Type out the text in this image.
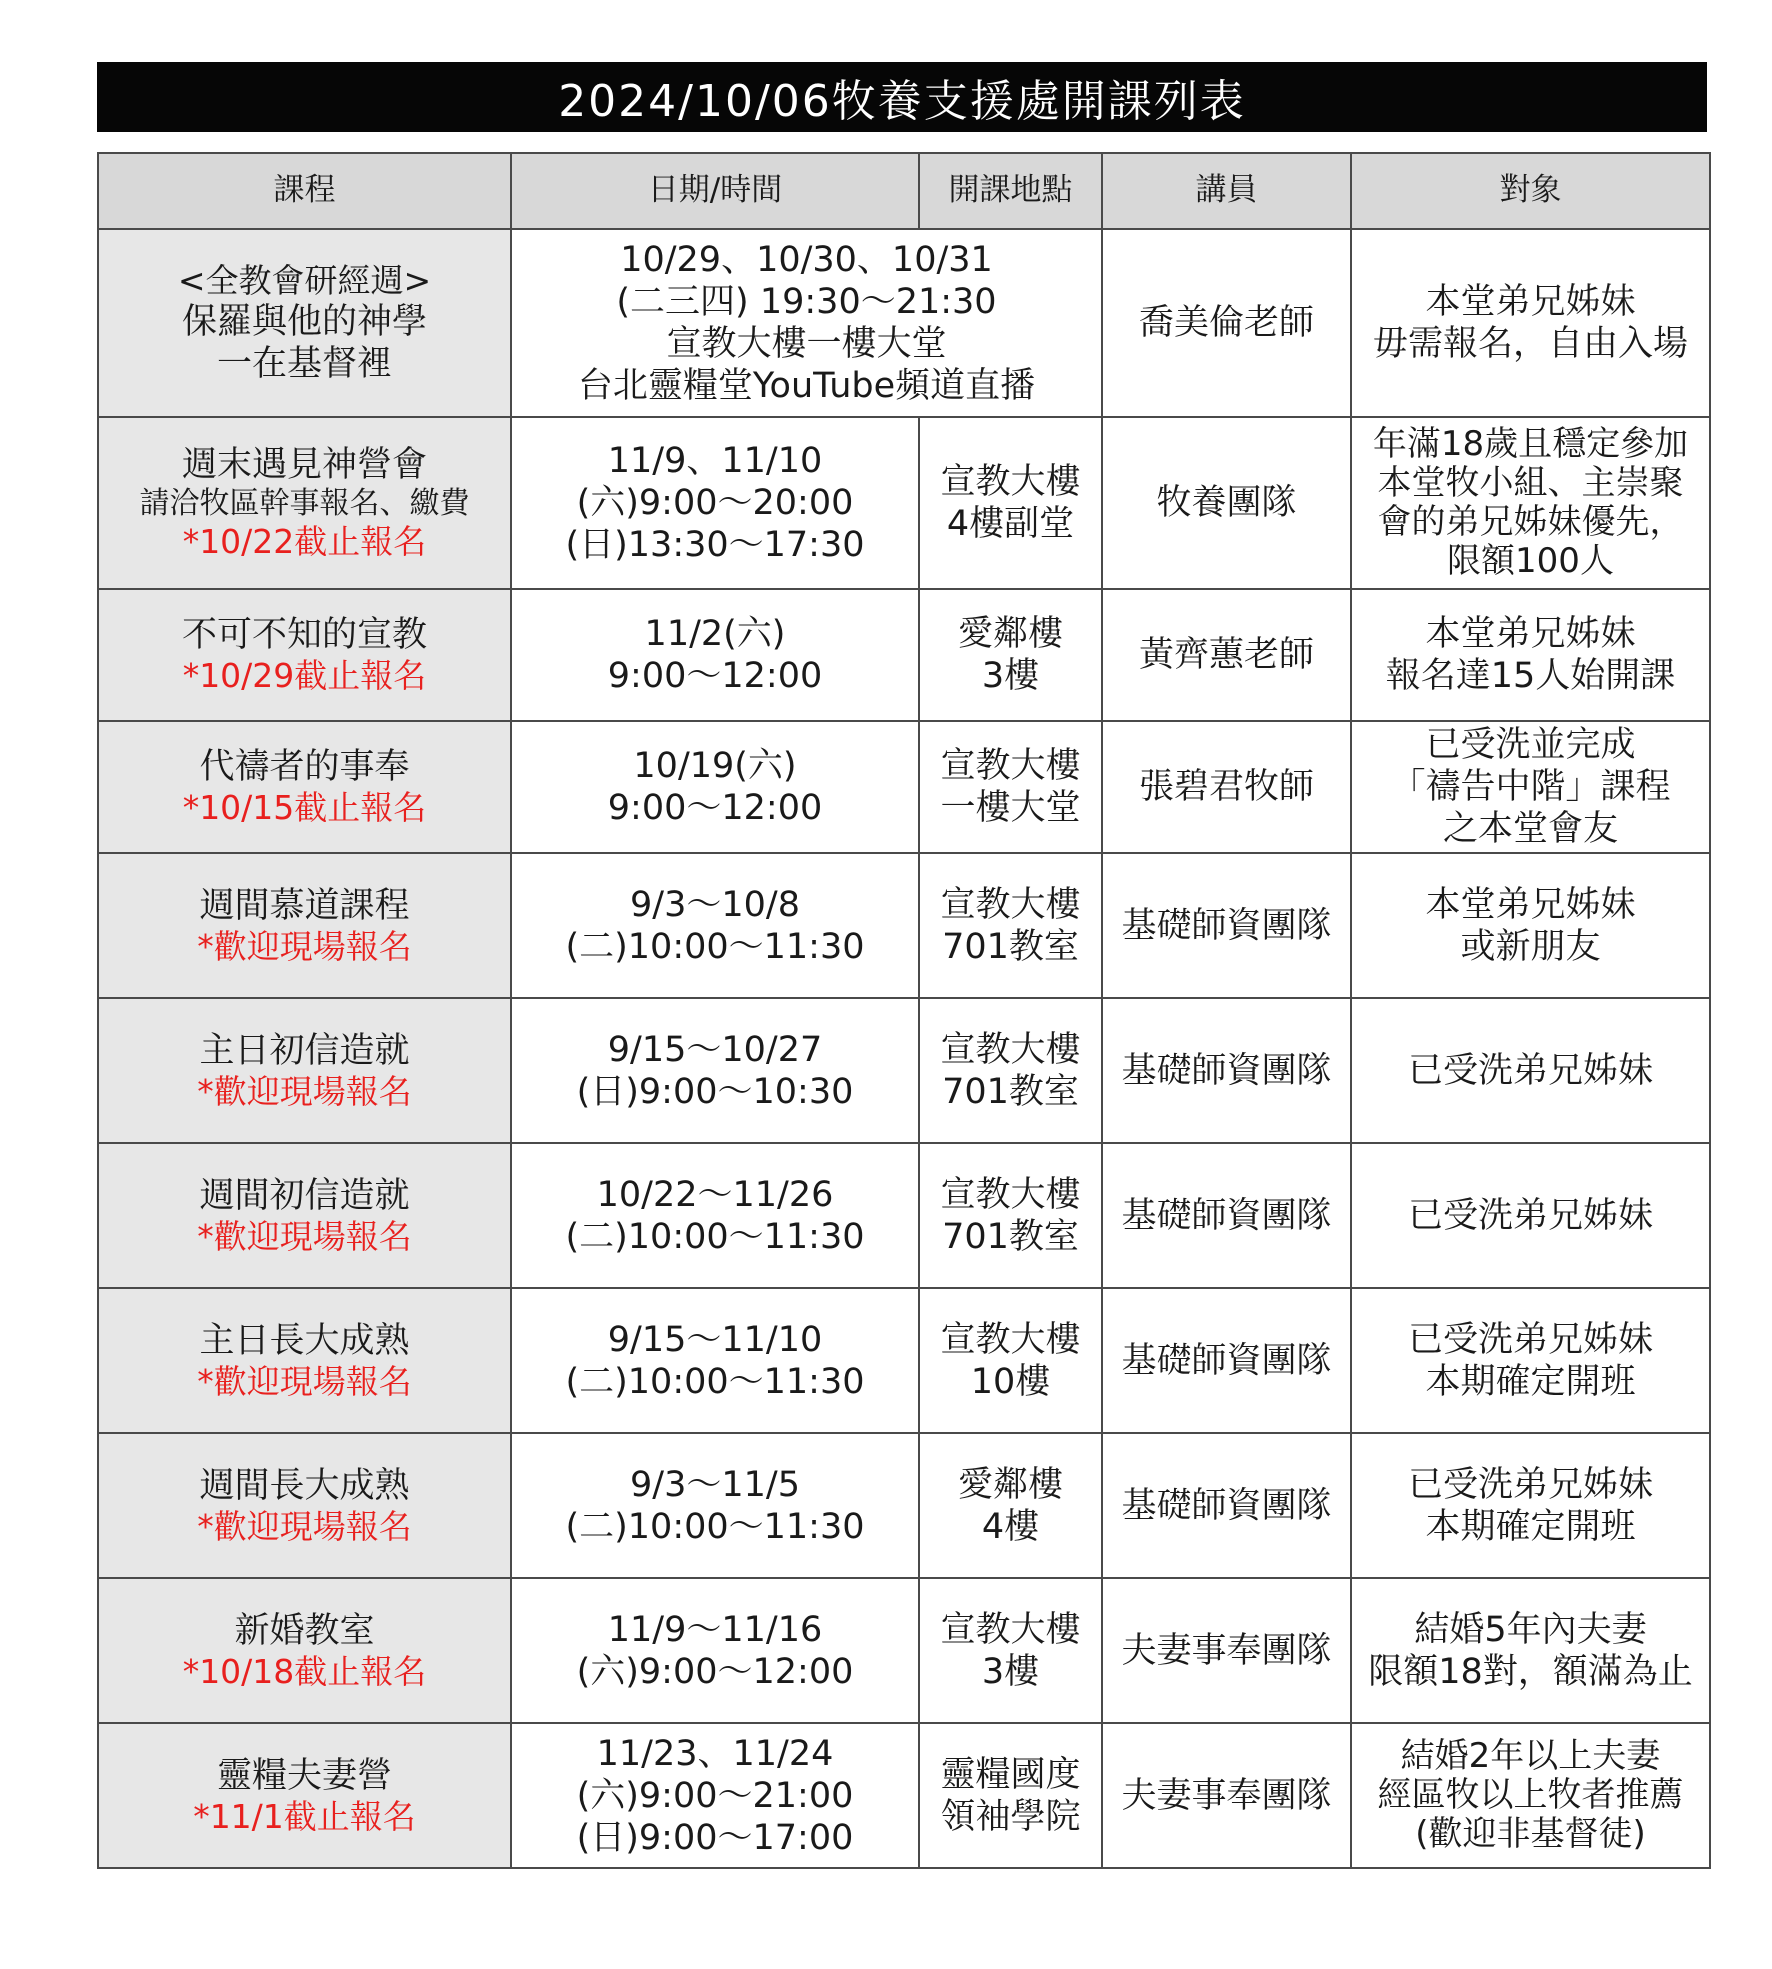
2024/10/06牧養支援處開課列表
課程	日期/時間	開課地點	講員	對象

<全教會研經週>
保羅與他的神學
一在基督裡	10/29、10/30、10/31
(二三四) 19:30～21:30
宣教大樓一樓大堂
台北靈糧堂YouTube頻道直播		喬美倫老師	本堂弟兄姊妹
毋需報名，自由入場

週末遇見神營會
請洽牧區幹事報名、繳費
*10/22截止報名	11/9、11/10
(六)9:00～20:00
(日)13:30～17:30	宣教大樓
4樓副堂	牧養團隊	年滿18歲且穩定參加
本堂牧小組、主崇聚
會的弟兄姊妹優先，
限額100人

不可不知的宣教
*10/29截止報名	11/2(六)
9:00～12:00	愛鄰樓
3樓	黃齊蕙老師	本堂弟兄姊妹
報名達15人始開課

代禱者的事奉
*10/15截止報名	10/19(六)
9:00～12:00	宣教大樓
一樓大堂	張碧君牧師	已受洗並完成
「禱告中階」課程
之本堂會友

週間慕道課程
*歡迎現場報名	9/3～10/8
(二)10:00～11:30	宣教大樓
701教室	基礎師資團隊	本堂弟兄姊妹
或新朋友

主日初信造就
*歡迎現場報名	9/15～10/27
(日)9:00～10:30	宣教大樓
701教室	基礎師資團隊	已受洗弟兄姊妹

週間初信造就
*歡迎現場報名	10/22～11/26
(二)10:00～11:30	宣教大樓
701教室	基礎師資團隊	已受洗弟兄姊妹

主日長大成熟
*歡迎現場報名	9/15～11/10
(二)10:00～11:30	宣教大樓
10樓	基礎師資團隊	已受洗弟兄姊妹
本期確定開班

週間長大成熟
*歡迎現場報名	9/3～11/5
(二)10:00～11:30	愛鄰樓
4樓	基礎師資團隊	已受洗弟兄姊妹
本期確定開班

新婚教室
*10/18截止報名	11/9～11/16
(六)9:00～12:00	宣教大樓
3樓	夫妻事奉團隊	結婚5年內夫妻
限額18對，額滿為止

靈糧夫妻營
*11/1截止報名	11/23、11/24
(六)9:00～21:00
(日)9:00～17:00	靈糧國度
領袖學院	夫妻事奉團隊	結婚2年以上夫妻
經區牧以上牧者推薦
(歡迎非基督徒)
